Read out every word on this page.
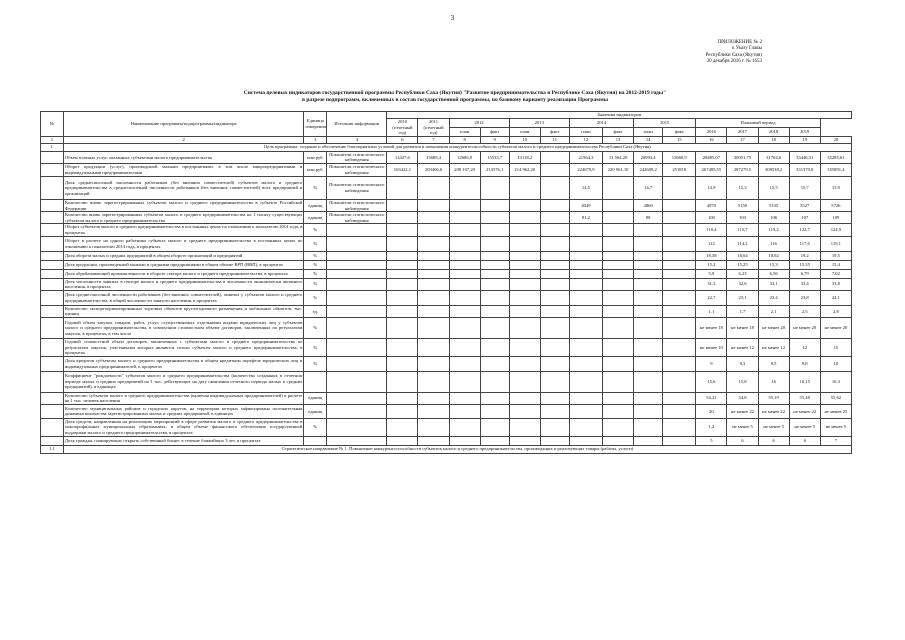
3
ПРИЛОЖЕНИЕ № 2
к Указу Главы
Республики Саха (Якутия)
30 декабря 2016 г. № 1653
Система целевых индикаторов государственной программы Республики Саха (Якутия) "Развитие предпринимательства в Республике Саха (Якутия) на 2012-2019 годы"
в разрезе подпрограмм, включенных в состав государственной программы, по базовому варианту реализации Программы
№	Наименование программы/подпрограммы/индикатора	Единица измерения	Источник информации	Значения индикаторов														
				2010 (отчетный год)	2011 (отчетный год)	2012		2013		2014		2015		Плановый период				
						план	факт	план	факт	план	факт	план	факт	2016	2017	2018	2019	
1	2	3	4	6	7	8	9	10	11	12	13	14	15	16	17	18	19	20
1.	Цель программы: создание и обеспечение благоприятных условий для развития и повышения конкурентоспособности субъектов малого и среднего предпринимательства Республики Саха (Якутия)																	
	Объем платных услуг, оказанных субъектами малого предпринимательства	млн руб.	Показатели статистического наблюдения	13427,6	15689,4	12686,9	15533,7	13118,2		21564,3	13 564,20	26993,4	15660,9	28485,07	30051,75	31704,6	33446,31	35285,61
	Оборот продукции (услуг), производимой малыми предприятиями, в том числе микропредприятиями и индивидуальными предпринимателями	млн руб.	Показатели статистического наблюдения	163422,1	203406,6	209 107,20	213576,1	214 962,20		224679,9	220 961,10	242609,2	251818	267485,55	287279,5	308538,2	331370,0	355891,4
	Доля среднесписочной численности работников (без внешних совместителей) субъектов малого и среднего предпринимательства в среднесписочной численности работников (без внешних совместителей) всех предприятий и организаций	%	Показатели статистического наблюдения							14,5		14,7		14,9	15,3	15,5	15,7	15,9
	Количество вновь зарегистрированных субъектов малого и среднего предпринимательства в субъекте Российской Федерации	единиц	Показатели статистического наблюдения							4049		4860		4970	5150	5335	5527	5726
	Количество вновь зарегистрированных субъектов малого и среднего предпринимательства на 1 тысячу существующих субъектов малого и среднего предпринимательства	единиц	Показатели статистического наблюдения							91,2		98		100	103	106	107	109
	Оборот субъектов малого и среднего предпринимательства в постоянных ценах по отношению к показателю 2014 года, в процентах	%												110,4	115,7	119,2	122,7	124,9
	Оборот в расчете на одного работника субъекта малого и среднего предпринимательства в постоянных ценах по отношению к показателю 2014 года, в процентах	%												112	114,1	116	117,6	119,1
	Доля оборота малых и средних предприятий в общем обороте организаций и предприятий	%												18,38	18,64	18,92	19,2	19,5
	Доля продукции, произведенной малыми и средними предприятиями в общем объеме ВРП (ВВП), в процентах	%												15,2	15,25	15,3	15,35	15,4
	Доля обрабатывающей промышленности в обороте сектора малого и среднего предпринимательства, в процентах	%												5,9	6,23	6,56	6,79	7,02
	Доля численности занятых в секторе малого и среднего предпринимательства в численности экономически активного населения, в процентах	%												31,3	32,6	33,1	33,4	33,8
	Доля среднесписочной численности работников (без внешних совместителей), занятых у субъектов малого и среднего предпринимательства, в общей численности занятого населения, в процентах	%												22,7	23,1	23,4	23,8	24,1
	Количество экспортоориентированных торговых объектов круглогодичного размещения и мобильных объектов, тыс. единиц	ед.												1,1	1,7	2,1	2,5	2,8
	Годовой объем закупок товаров, работ, услуг, осуществляемых отдельными видами юридических лиц у субъектов малого и среднего предпринимательства, в совокупном стоимостном объеме договоров, заключенных по результатам закупок, в процентах, в том числе	%												не менее 18	не менее 18	не менее 20	не менее 20	не менее 20
	Годовой стоимостной объем договоров, заключенных с субъектами малого и среднего предпринимательства по результатам закупок, участниками которых являются только субъекты малого и среднего предпринимательства, в процентах	%												не менее 10	не менее 12	не менее 12	12	15
	Доля кредитов субъектам малого и среднего предпринимательства в общем кредитном портфеле юридических лиц и индивидуальных предпринимателей, в процентах	%												9	9,3	9,5	9,8	10
	Коэффициент "рождаемости" субъектов малого и среднего предпринимательства (количество созданных в отчетном периоде малых и средних предприятий на 1 тыс. действующих на дату окончания отчетного периода малых и средних предприятий), в единицах													15,6	15,8	16	16,15	16,3
	Количество субъектов малого и среднего предпринимательства (включая индивидуальных предпринимателей) в расчете на 1 тыс. человек населения	единиц												54,21	54,8	55,19	55,48	55,62
	Количество муниципальных районов и городских округов, на территории которых зафиксирована положительная динамика количества зарегистрированных малых и средних предприятий, в единицах	единиц												20	не менее 22	не менее 22	не менее 22	не менее 25
	Доля средств, направленная на реализацию мероприятий в сфере развития малого и среднего предпринимательства в монопрофильных муниципальных образованиях, в общем объеме финансового обеспечения государственной поддержки малого и среднего предпринимательства, в процентах	%												1,2	не менее 5	не менее 5	не менее 5	не менее 5
	Доля граждан, планирующих открыть собственный бизнес в течение ближайших 3 лет, в процентах													5	6	6	6	7
1.1	Стратегическое направление № 1. Повышение конкурентоспособности субъектов малого и среднего предпринимательства, производящих и реализующих товары (работы, услуги)																	
